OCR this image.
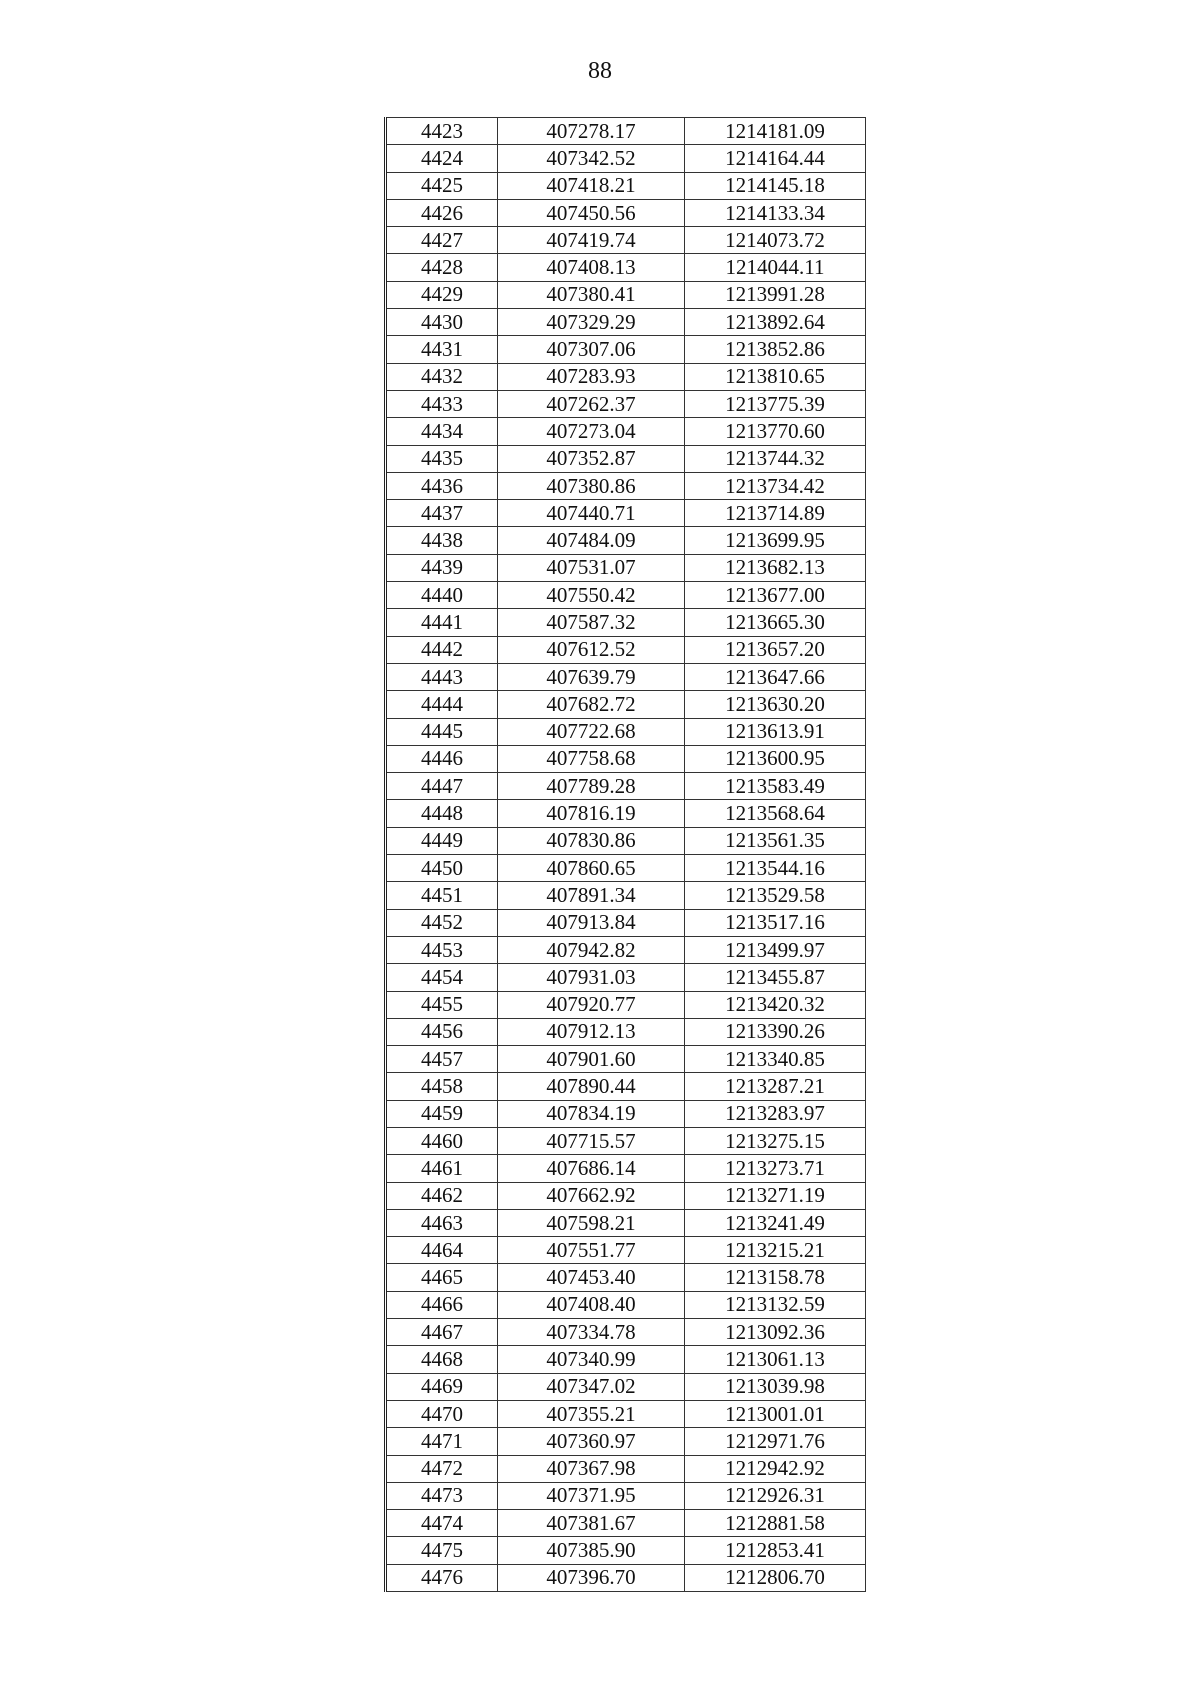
88
4423	407278.17	1214181.09
4424	407342.52	1214164.44
4425	407418.21	1214145.18
4426	407450.56	1214133.34
4427	407419.74	1214073.72
4428	407408.13	1214044.11
4429	407380.41	1213991.28
4430	407329.29	1213892.64
4431	407307.06	1213852.86
4432	407283.93	1213810.65
4433	407262.37	1213775.39
4434	407273.04	1213770.60
4435	407352.87	1213744.32
4436	407380.86	1213734.42
4437	407440.71	1213714.89
4438	407484.09	1213699.95
4439	407531.07	1213682.13
4440	407550.42	1213677.00
4441	407587.32	1213665.30
4442	407612.52	1213657.20
4443	407639.79	1213647.66
4444	407682.72	1213630.20
4445	407722.68	1213613.91
4446	407758.68	1213600.95
4447	407789.28	1213583.49
4448	407816.19	1213568.64
4449	407830.86	1213561.35
4450	407860.65	1213544.16
4451	407891.34	1213529.58
4452	407913.84	1213517.16
4453	407942.82	1213499.97
4454	407931.03	1213455.87
4455	407920.77	1213420.32
4456	407912.13	1213390.26
4457	407901.60	1213340.85
4458	407890.44	1213287.21
4459	407834.19	1213283.97
4460	407715.57	1213275.15
4461	407686.14	1213273.71
4462	407662.92	1213271.19
4463	407598.21	1213241.49
4464	407551.77	1213215.21
4465	407453.40	1213158.78
4466	407408.40	1213132.59
4467	407334.78	1213092.36
4468	407340.99	1213061.13
4469	407347.02	1213039.98
4470	407355.21	1213001.01
4471	407360.97	1212971.76
4472	407367.98	1212942.92
4473	407371.95	1212926.31
4474	407381.67	1212881.58
4475	407385.90	1212853.41
4476	407396.70	1212806.70
